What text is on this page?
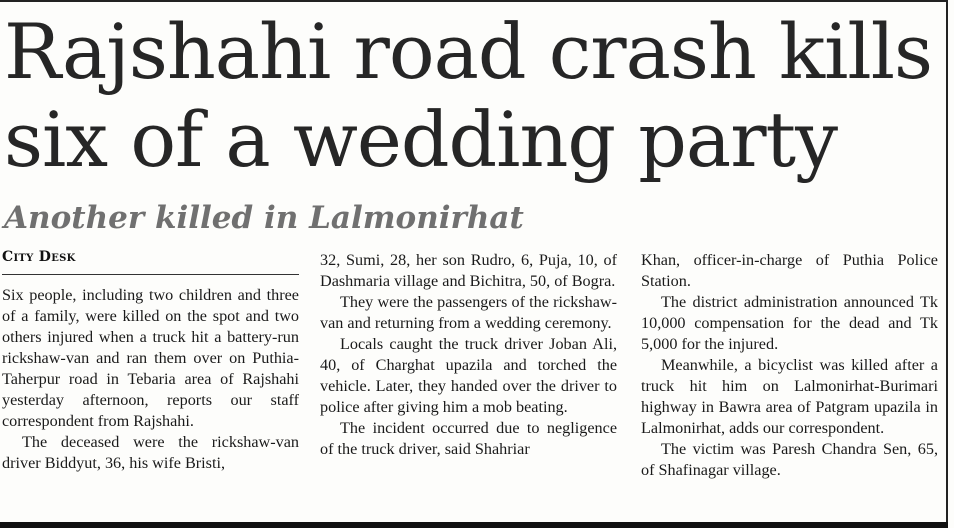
Rajshahi road crash kills six of a wedding party
Another killed in Lalmonirhat
City Desk

Six people, including two children and three of a family, were killed on the spot and two others injured when a truck hit a battery-run rickshaw-van and ran them over on Puthia-Taherpur road in Tebaria area of Rajshahi yesterday afternoon, reports our staff correspondent from Rajshahi.

The deceased were the rickshaw-van driver Biddyut, 36, his wife Bristi,

32, Sumi, 28, her son Rudro, 6, Puja, 10, of Dashmaria village and Bichitra, 50, of Bogra.

They were the passengers of the rickshaw-van and returning from a wedding ceremony.

Locals caught the truck driver Joban Ali, 40, of Charghat upazila and torched the vehicle. Later, they handed over the driver to police after giving him a mob beating.

The incident occurred due to negligence of the truck driver, said Shahriar

Khan, officer-in-charge of Puthia Police Station.

The district administration announced Tk 10,000 compensation for the dead and Tk 5,000 for the injured.

Meanwhile, a bicyclist was killed after a truck hit him on Lalmonirhat-Burimari highway in Bawra area of Patgram upazila in Lalmonirhat, adds our correspondent.

The victim was Paresh Chandra Sen, 65, of Shafinagar village.
